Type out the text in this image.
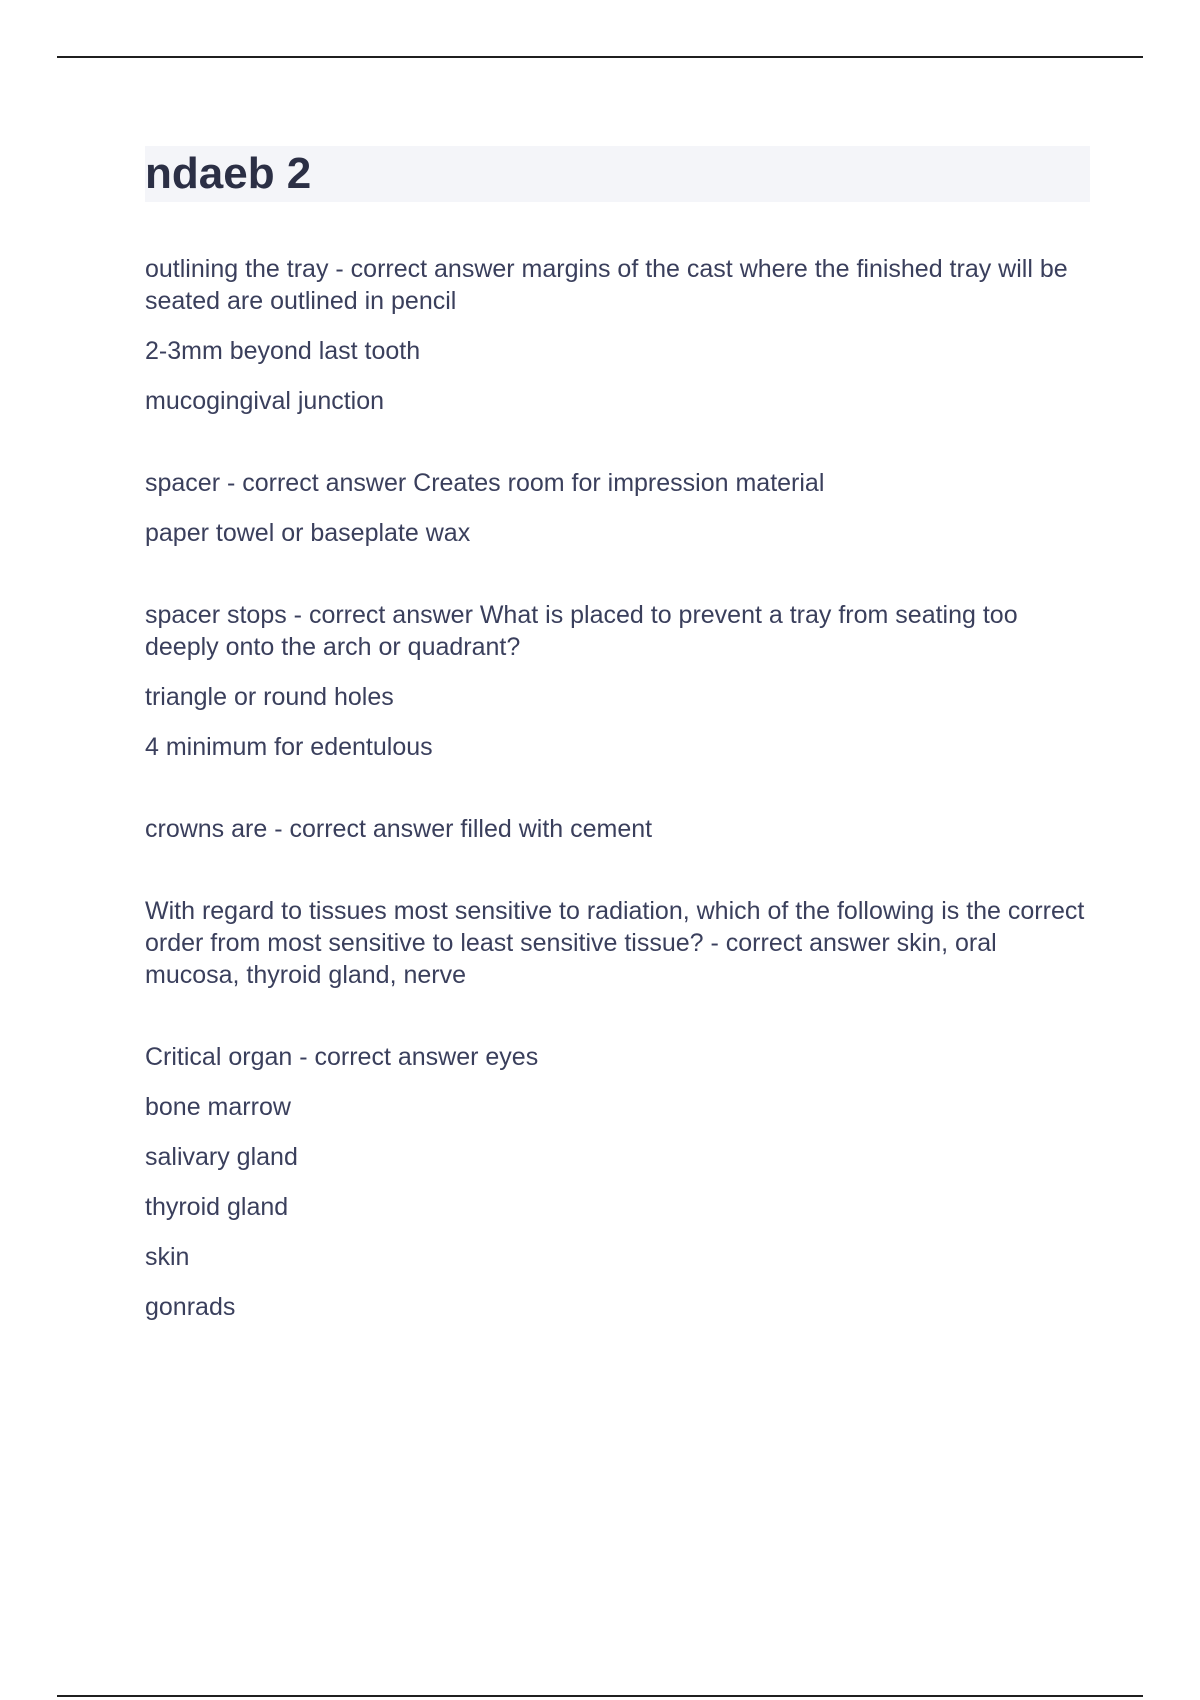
ndaeb 2

outlining the tray - correct answer margins of the cast where the finished tray will be seated are outlined in pencil

2-3mm beyond last tooth

mucogingival junction

spacer - correct answer Creates room for impression material

paper towel or baseplate wax

spacer stops - correct answer What is placed to prevent a tray from seating too deeply onto the arch or quadrant?

triangle or round holes

4 minimum for edentulous

crowns are - correct answer filled with cement

With regard to tissues most sensitive to radiation, which of the following is the correct order from most sensitive to least sensitive tissue? - correct answer skin, oral mucosa, thyroid gland, nerve

Critical organ - correct answer eyes

bone marrow

salivary gland

thyroid gland

skin

gonrads
